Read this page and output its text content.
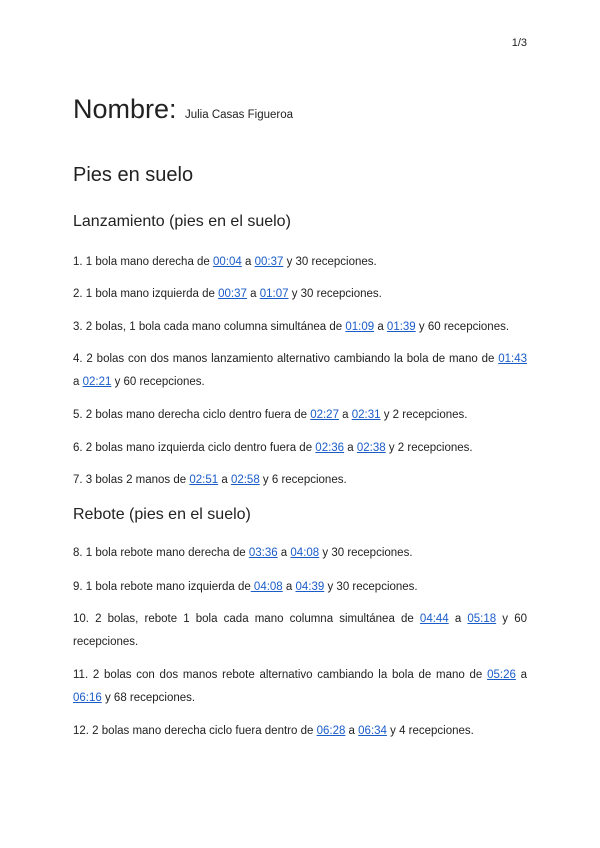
1/3
Nombre: Julia Casas Figueroa
Pies en suelo
Lanzamiento (pies en el suelo)

1. 1 bola mano derecha de 00:04 a 00:37 y 30 recepciones.

2. 1 bola mano izquierda de 00:37 a 01:07 y 30 recepciones.

3. 2 bolas, 1 bola cada mano columna simultánea de 01:09 a 01:39 y 60 recepciones.

4. 2 bolas con dos manos lanzamiento alternativo cambiando la bola de mano de 01:43 a 02:21 y 60 recepciones.

5. 2 bolas mano derecha ciclo dentro fuera de 02:27 a 02:31 y 2 recepciones.

6. 2 bolas mano izquierda ciclo dentro fuera de 02:36 a 02:38 y 2 recepciones.

7. 3 bolas 2 manos de 02:51 a 02:58 y 6 recepciones.

Rebote (pies en el suelo)

8. 1 bola rebote mano derecha de 03:36 a 04:08 y 30 recepciones.

9. 1 bola rebote mano izquierda de 04:08 a 04:39 y 30 recepciones.

10. 2 bolas, rebote 1 bola cada mano columna simultánea de 04:44 a 05:18 y 60 recepciones.

11. 2 bolas con dos manos rebote alternativo cambiando la bola de mano de 05:26 a 06:16 y 68 recepciones.

12. 2 bolas mano derecha ciclo fuera dentro de 06:28 a 06:34 y 4 recepciones.
